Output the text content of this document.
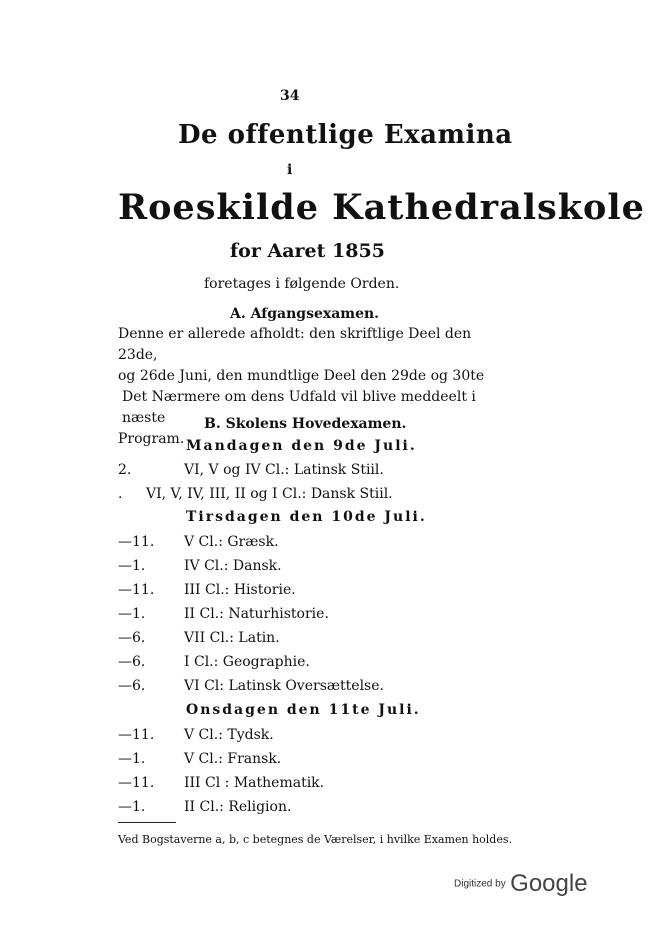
34
De offentlige Examina
i
Roeskilde Kathedralskole
for Aaret 1855
foretages i følgende Orden.
A. Afgangsexamen.
Denne er allerede afholdt: den skriftlige Deel den 23de,
og 26de Juni, den mundtlige Deel den 29de og 30te
Det Nærmere om dens Udfald vil blive meddeelt i næste
Program.
B. Skolens Hovedexamen.
Mandagen den 9de Juli.
2.	VI, V og IV Cl.: Latinsk Stiil.
. VI, V, IV, III, II og I Cl.: Dansk Stiil.
Tirsdagen den 10de Juli.
—11. V Cl.: Græsk.
—1.	IV Cl.: Dansk.
—11. III Cl.: Historie.
—1.	II Cl.: Naturhistorie.
—6.	VII Cl.: Latin.
—6.	I Cl.: Geographie.
—6.	VI Cl: Latinsk Oversættelse.
Onsdagen den 11te Juli.
—11. V Cl.: Tydsk.
—1.	V Cl.: Fransk.
—11. III Cl : Mathematik.
—1.	II Cl.: Religion.
Ved Bogstaverne a, b, c betegnes de Værelser, i hvilke Examen holdes.
Digitized by Google
